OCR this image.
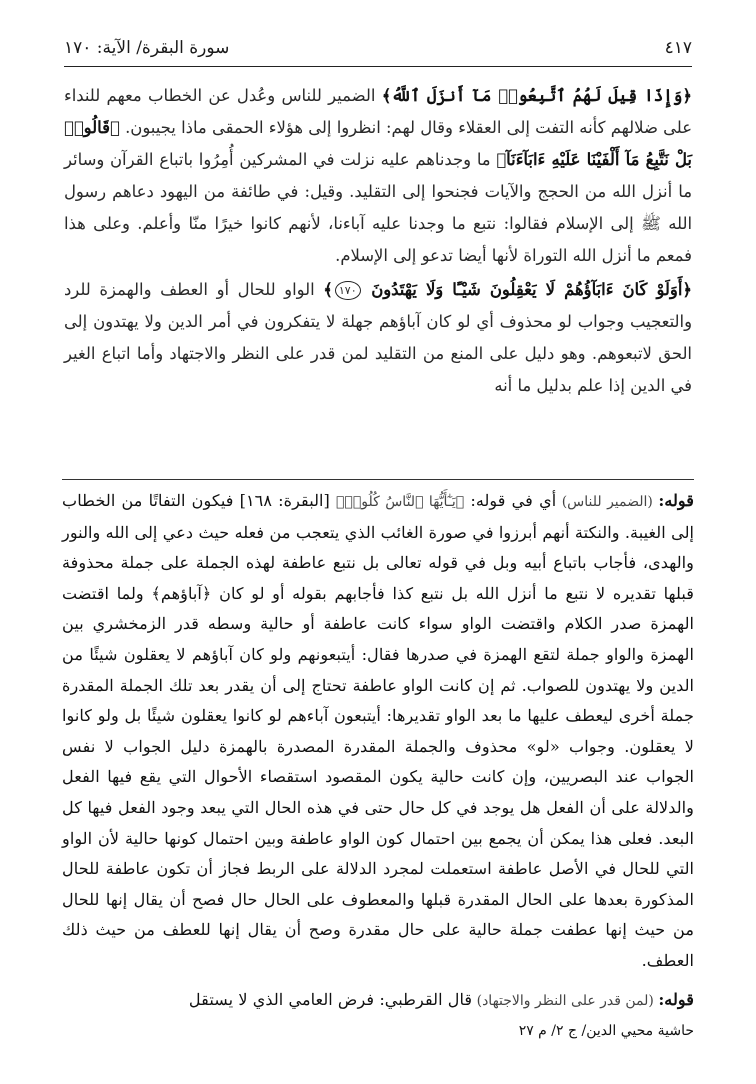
سورة البقرة/ الآية: ١٧٠	٤١٧

﴿وَإِذَا قِيلَ لَهُمُ ٱتَّبِعُوا۟ مَآ أَنزَلَ ٱللَّهُ﴾ الضمير للناس وعُدل عن الخطاب معهم للنداء على ضلالهم كأنه التفت إلى العقلاء وقال لهم: انظروا إلى هؤلاء الحمقى ماذا يجيبون. ﴿قَالُوا۟ بَلْ نَتَّبِعُ مَآ أَلْفَيْنَا عَلَيْهِ ءَابَآءَنَآ﴾ ما وجدناهم عليه نزلت في المشركين أُمِرُوا باتباع القرآن وسائر ما أنزل الله من الحجج والآيات فجنحوا إلى التقليد. وقيل: في طائفة من اليهود دعاهم رسول الله ﷺ إلى الإسلام فقالوا: نتبع ما وجدنا عليه آباءنا، لأنهم كانوا خيرًا منّا وأعلم. وعلى هذا فمعم ما أنزل الله التوراة لأنها أيضا تدعو إلى الإسلام.

﴿أَوَلَوْ كَانَ ءَابَآؤُهُمْ لَا يَعْقِلُونَ شَيْـًٔا وَلَا يَهْتَدُونَ ١٧٠﴾ الواو للحال أو العطف والهمزة للرد والتعجيب وجواب لو محذوف أي لو كان آباؤهم جهلة لا يتفكرون في أمر الدين ولا يهتدون إلى الحق لاتبعوهم. وهو دليل على المنع من التقليد لمن قدر على النظر والاجتهاد وأما اتباع الغير في الدين إذا علم بدليل ما أنه

قوله: (الضمير للناس) أي في قوله: ﴿يَـٰٓأَيُّهَا ٱلنَّاسُ كُلُوا۟﴾ [البقرة: ١٦٨] فيكون التفاتًا من الخطاب إلى الغيبة. والنكتة أنهم أبرزوا في صورة الغائب الذي يتعجب من فعله حيث دعي إلى الله والنور والهدى، فأجاب باتباع أبيه وبل في قوله تعالى بل نتبع عاطفة لهذه الجملة على جملة محذوفة قبلها تقديره لا نتبع ما أنزل الله بل نتبع كذا فأجابهم بقوله أو لو كان ﴿آباؤهم﴾ ولما اقتضت الهمزة صدر الكلام واقتضت الواو سواء كانت عاطفة أو حالية وسطه قدر الزمخشري بين الهمزة والواو جملة لتقع الهمزة في صدرها فقال: أيتبعونهم ولو كان آباؤهم لا يعقلون شيئًا من الدين ولا يهتدون للصواب. ثم إن كانت الواو عاطفة تحتاج إلى أن يقدر بعد تلك الجملة المقدرة جملة أخرى ليعطف عليها ما بعد الواو تقديرها: أيتبعون آباءهم لو كانوا يعقلون شيئًا بل ولو كانوا لا يعقلون. وجواب «لو» محذوف والجملة المقدرة المصدرة بالهمزة دليل الجواب لا نفس الجواب عند البصريين، وإن كانت حالية يكون المقصود استقصاء الأحوال التي يقع فيها الفعل والدلالة على أن الفعل هل يوجد في كل حال حتى في هذه الحال التي يبعد وجود الفعل فيها كل البعد. فعلى هذا يمكن أن يجمع بين احتمال كون الواو عاطفة وبين احتمال كونها حالية لأن الواو التي للحال في الأصل عاطفة استعملت لمجرد الدلالة على الربط فجاز أن تكون عاطفة للحال المذكورة بعدها على الحال المقدرة قبلها والمعطوف على الحال حال فصح أن يقال إنها للحال من حيث إنها عطفت جملة حالية على حال مقدرة وصح أن يقال إنها للعطف من حيث ذلك العطف.

قوله: (لمن قدر على النظر والاجتهاد) قال القرطبي: فرض العامي الذي لا يستقل

حاشية محيي الدين/ ج ٢/ م ٢٧
